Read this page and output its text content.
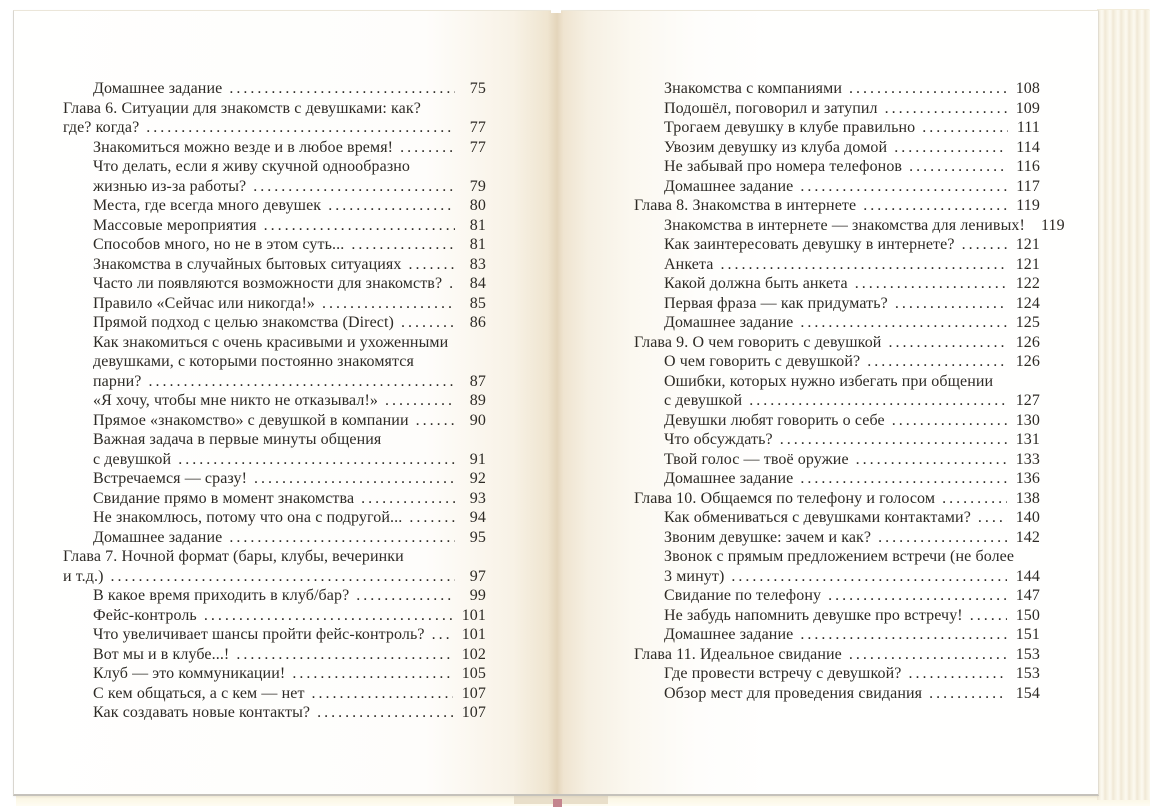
Домашнее задание .....	75
Глава 6. Ситуации для знакомств с девушками: как?
где? когда? .....	77
Знакомиться можно везде и в любое время! .....	77
Что делать, если я живу скучной однообразно
жизнью из-за работы? .....	79
Места, где всегда много девушек .....	80
Массовые мероприятия .....	81
Способов много, но не в этом суть... .....	81
Знакомства в случайных бытовых ситуациях .....	83
Часто ли появляются возможности для знакомств? .....	84
Правило «Сейчас или никогда!» .....	85
Прямой подход с целью знакомства (Direct) .....	86
Как знакомиться с очень красивыми и ухоженными
девушками, с которыми постоянно знакомятся
парни? .....	87
«Я хочу, чтобы мне никто не отказывал!» .....	89
Прямое «знакомство» с девушкой в компании .....	90
Важная задача в первые минуты общения
с девушкой .....	91
Встречаемся — сразу! .....	92
Свидание прямо в момент знакомства .....	93
Не знакомлюсь, потому что она с подругой... .....	94
Домашнее задание .....	95
Глава 7. Ночной формат (бары, клубы, вечеринки
и т.д.) .....	97
В какое время приходить в клуб/бар? .....	99
Фейс-контроль .....	101
Что увеличивает шансы пройти фейс-контроль? .....	101
Вот мы и в клубе...! .....	102
Клуб — это коммуникации! .....	105
С кем общаться, а с кем — нет .....	107
Как создавать новые контакты? .....	107
Знакомства с компаниями .....	108
Подошёл, поговорил и затупил .....	109
Трогаем девушку в клубе правильно .....	111
Увозим девушку из клуба домой .....	114
Не забывай про номера телефонов .....	116
Домашнее задание .....	117
Глава 8. Знакомства в интернете .....	119
Знакомства в интернете — знакомства для ленивых!	119
Как заинтересовать девушку в интернете? .....	121
Анкета .....	121
Какой должна быть анкета .....	122
Первая фраза — как придумать? .....	124
Домашнее задание .....	125
Глава 9. О чем говорить с девушкой .....	126
О чем говорить с девушкой? .....	126
Ошибки, которых нужно избегать при общении
с девушкой .....	127
Девушки любят говорить о себе .....	130
Что обсуждать? .....	131
Твой голос — твоё оружие .....	133
Домашнее задание .....	136
Глава 10. Общаемся по телефону и голосом .....	138
Как обмениваться с девушками контактами? .....	140
Звоним девушке: зачем и как? .....	142
Звонок с прямым предложением встречи (не более
3 минут) .....	144
Свидание по телефону .....	147
Не забудь напомнить девушке про встречу! .....	150
Домашнее задание .....	151
Глава 11. Идеальное свидание .....	153
Где провести встречу с девушкой? .....	153
Обзор мест для проведения свидания .....	154
